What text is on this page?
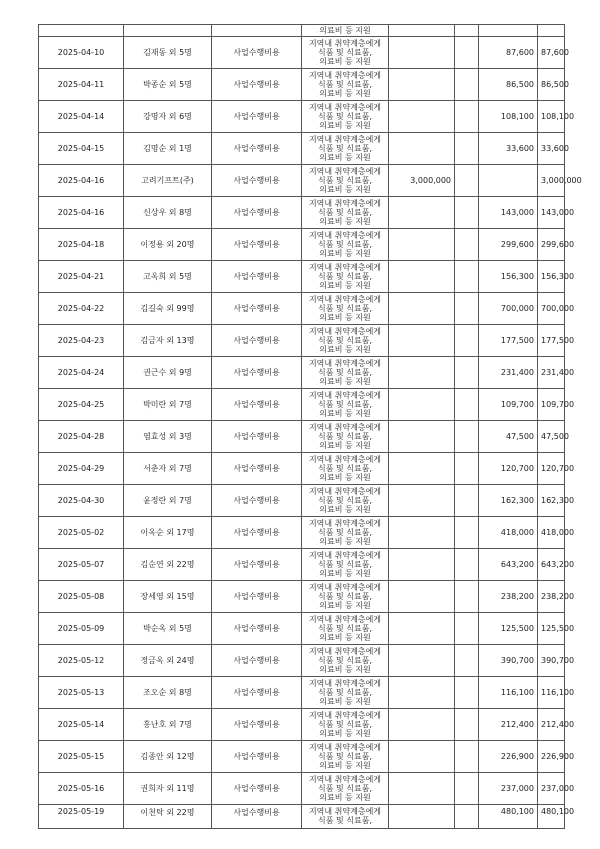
			의료비 등 지원				
2025-04-10	김재동 외 5명	사업수행비용	지역내 취약계층에게
식품 및 식료품,
의료비 등 지원			87,600	87,600
2025-04-11	박종순 외 5명	사업수행비용	지역내 취약계층에게
식품 및 식료품,
의료비 등 지원			86,500	86,500
2025-04-14	강명자 외 6명	사업수행비용	지역내 취약계층에게
식품 및 식료품,
의료비 등 지원			108,100	108,100
2025-04-15	김명순 외 1명	사업수행비용	지역내 취약계층에게
식품 및 식료품,
의료비 등 지원			33,600	33,600
2025-04-16	고려기프트(주)	사업수행비용	지역내 취약계층에게
식품 및 식료품,
의료비 등 지원	3,000,000			3,000,000
2025-04-16	신상우 외 8명	사업수행비용	지역내 취약계층에게
식품 및 식료품,
의료비 등 지원			143,000	143,000
2025-04-18	이정용 외 20명	사업수행비용	지역내 취약계층에게
식품 및 식료품,
의료비 등 지원			299,600	299,600
2025-04-21	고옥희 외 5명	사업수행비용	지역내 취약계층에게
식품 및 식료품,
의료비 등 지원			156,300	156,300
2025-04-22	김길숙 외 99명	사업수행비용	지역내 취약계층에게
식품 및 식료품,
의료비 등 지원			700,000	700,000
2025-04-23	김금자 외 13명	사업수행비용	지역내 취약계층에게
식품 및 식료품,
의료비 등 지원			177,500	177,500
2025-04-24	권근수 외 9명	사업수행비용	지역내 취약계층에게
식품 및 식료품,
의료비 등 지원			231,400	231,400
2025-04-25	박미란 외 7명	사업수행비용	지역내 취약계층에게
식품 및 식료품,
의료비 등 지원			109,700	109,700
2025-04-28	염효성 외 3명	사업수행비용	지역내 취약계층에게
식품 및 식료품,
의료비 등 지원			47,500	47,500
2025-04-29	서춘자 외 7명	사업수행비용	지역내 취약계층에게
식품 및 식료품,
의료비 등 지원			120,700	120,700
2025-04-30	윤정란 외 7명	사업수행비용	지역내 취약계층에게
식품 및 식료품,
의료비 등 지원			162,300	162,300
2025-05-02	이옥순 외 17명	사업수행비용	지역내 취약계층에게
식품 및 식료품,
의료비 등 지원			418,000	418,000
2025-05-07	김순연 외 22명	사업수행비용	지역내 취약계층에게
식품 및 식료품,
의료비 등 지원			643,200	643,200
2025-05-08	장세영 외 15명	사업수행비용	지역내 취약계층에게
식품 및 식료품,
의료비 등 지원			238,200	238,200
2025-05-09	박순옥 외 5명	사업수행비용	지역내 취약계층에게
식품 및 식료품,
의료비 등 지원			125,500	125,500
2025-05-12	정금옥 외 24명	사업수행비용	지역내 취약계층에게
식품 및 식료품,
의료비 등 지원			390,700	390,700
2025-05-13	조오순 외 8명	사업수행비용	지역내 취약계층에게
식품 및 식료품,
의료비 등 지원			116,100	116,100
2025-05-14	홍난호 외 7명	사업수행비용	지역내 취약계층에게
식품 및 식료품,
의료비 등 지원			212,400	212,400
2025-05-15	김종안 외 12명	사업수행비용	지역내 취약계층에게
식품 및 식료품,
의료비 등 지원			226,900	226,900
2025-05-16	권희자 외 11명	사업수행비용	지역내 취약계층에게
식품 및 식료품,
의료비 등 지원			237,000	237,000
2025-05-19	이천탁 외 22명	사업수행비용	지역내 취약계층에게
식품 및 식료품,			480,100	480,100
